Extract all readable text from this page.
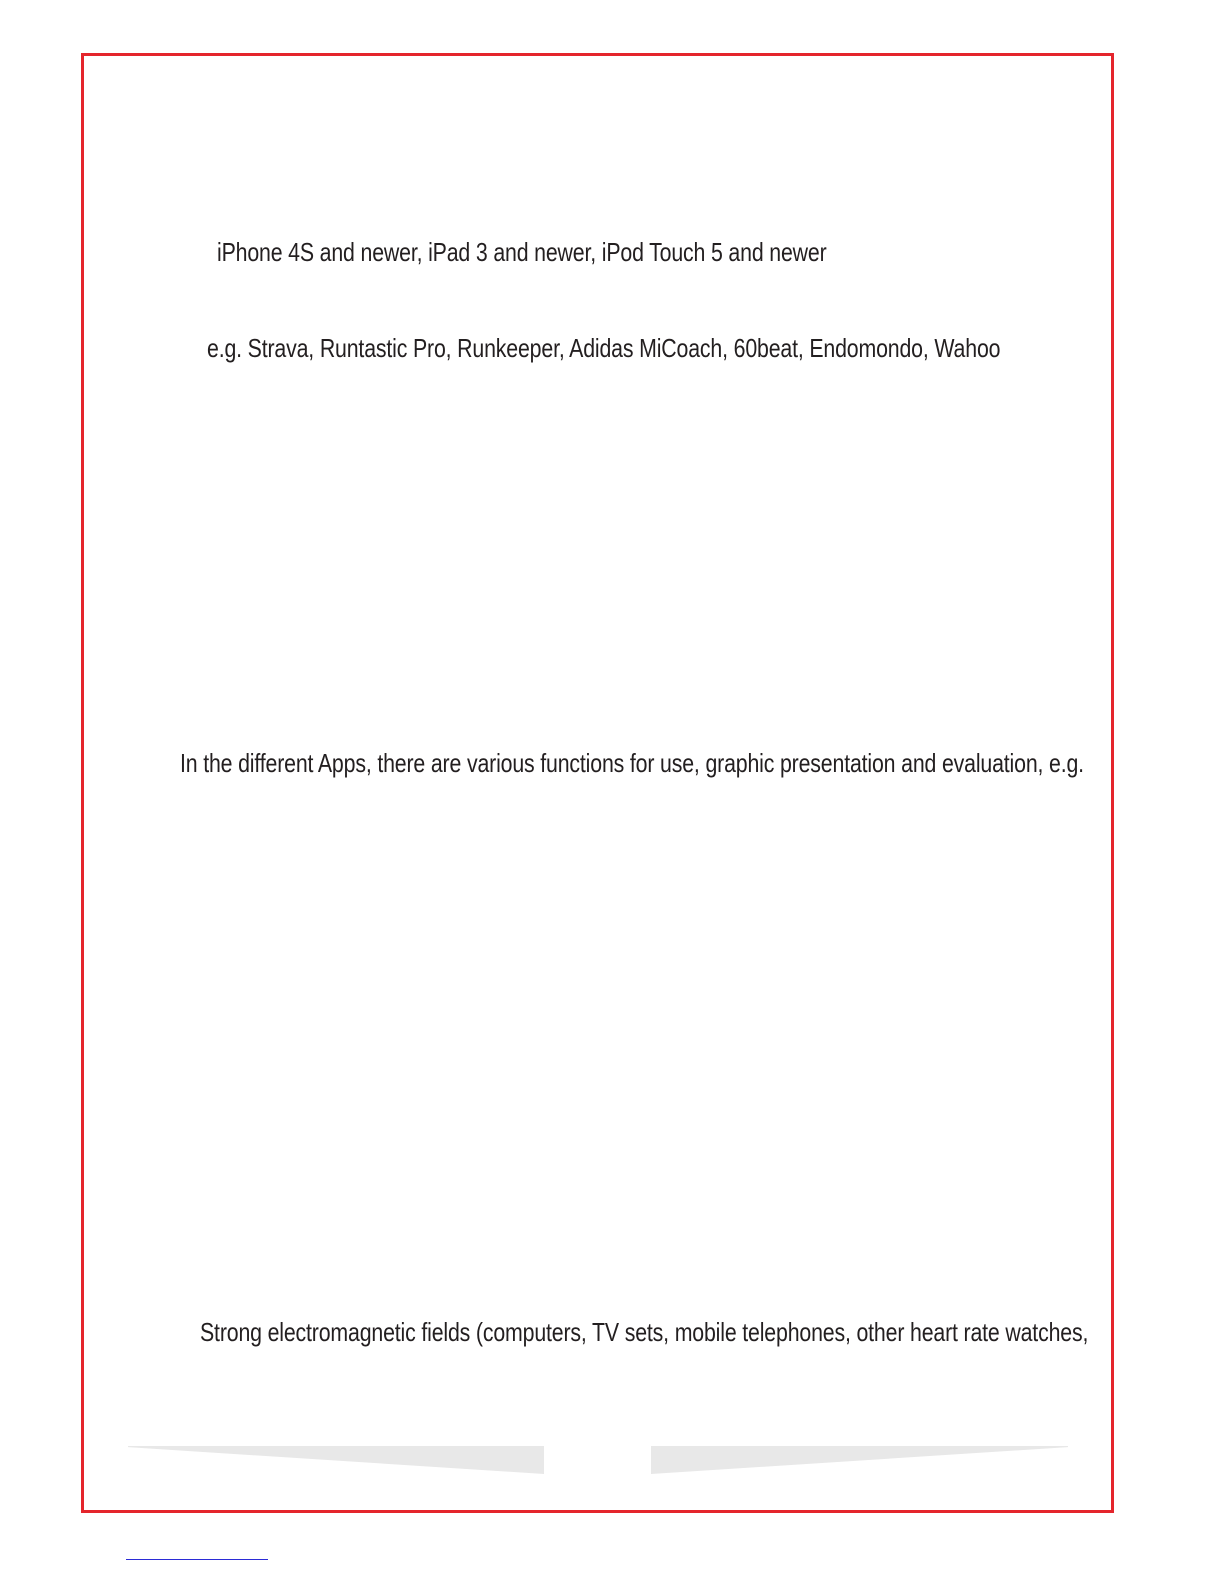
iPhone 4S and newer, iPad 3 and newer, iPod Touch 5 and newer
e.g. Strava, Runtastic Pro, Runkeeper, Adidas MiCoach, 60beat, Endomondo, Wahoo
In the different Apps, there are various functions for use, graphic presentation and evaluation, e.g.
Strong electromagnetic fields (computers, TV sets, mobile telephones, other heart rate watches,
